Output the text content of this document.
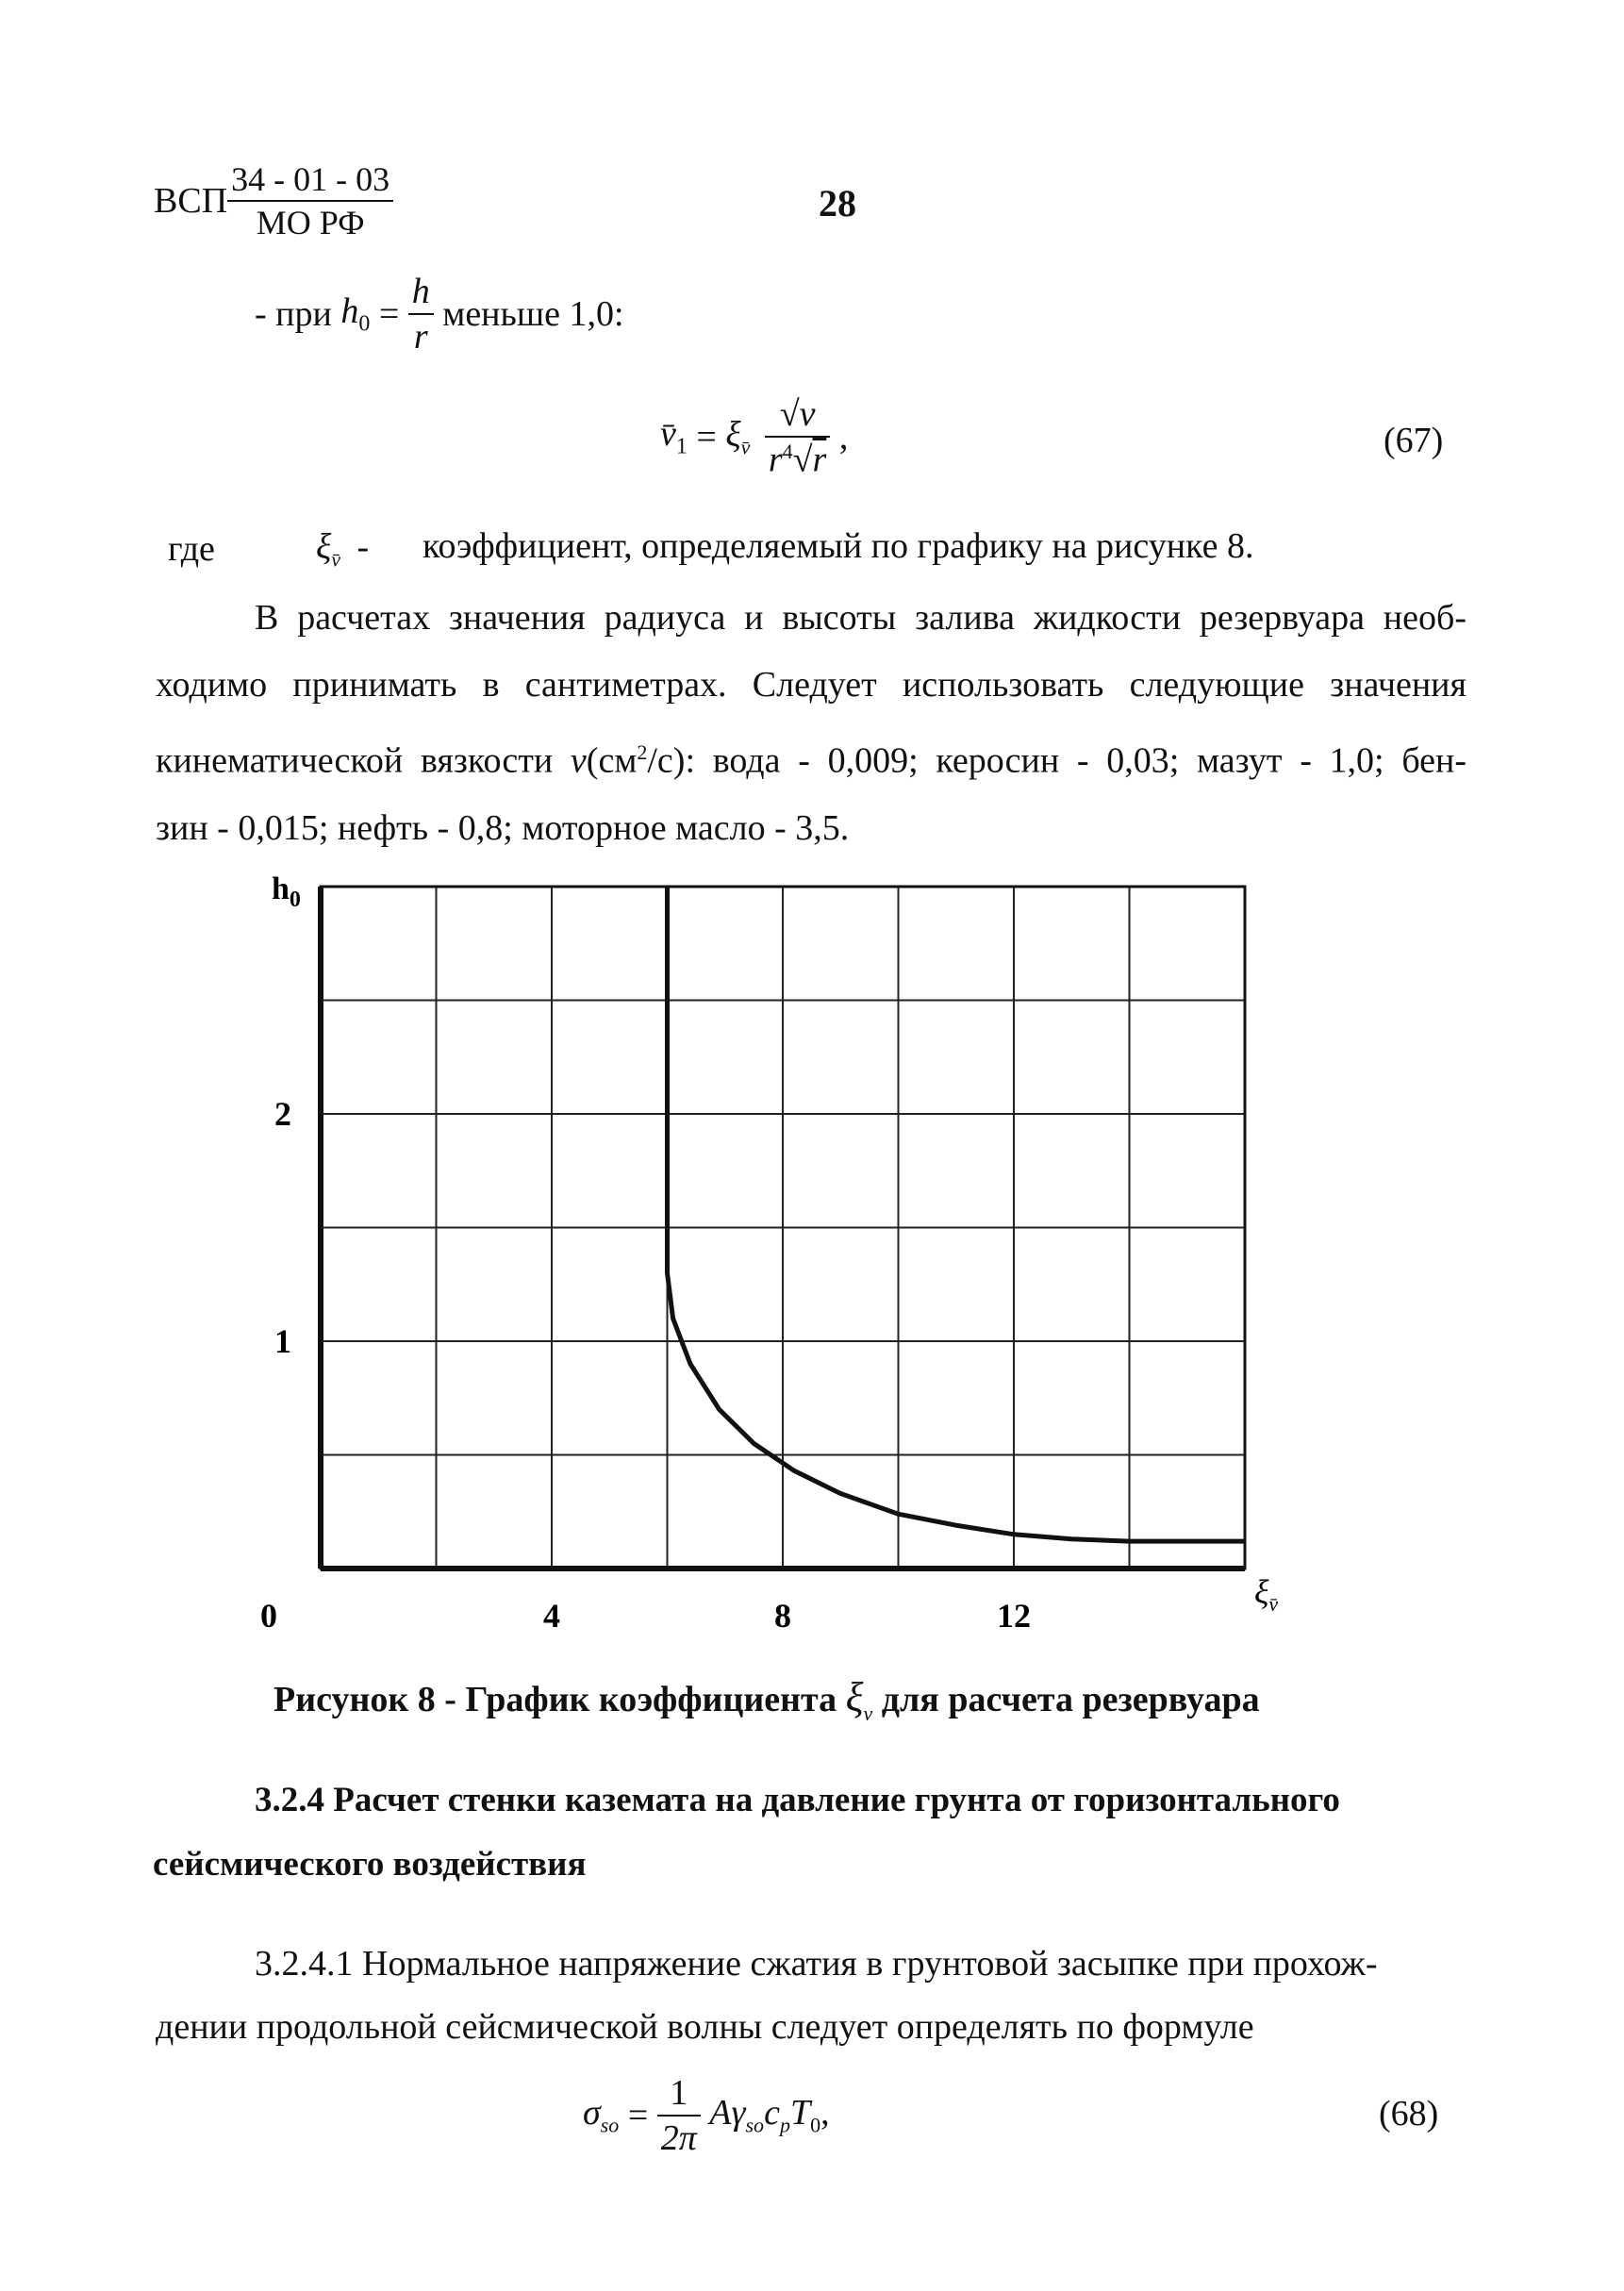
ВСП $\frac{34 - 01 - 03}{\text{МО РФ}}$	28
- при $h_0 = \frac{h}{r}$ меньше 1,0:
$v̄_1 = \xi_{v̄} \frac{√v}{r^4√r}$ ,	(67)
где	$\xi_{v̄}$ - коэффициент, определяемый по графику на рисунке 8.
В расчетах значения радиуса и высоты залива жидкости резервуара необ-
ходимо принимать в сантиметрах. Следует использовать следующие значения
кинематической вязкости $\nu(см^2/с)$: вода - 0,009; керосин - 0,03; мазут - 1,0; бен-
зин - 0,015; нефть - 0,8; моторное масло - 3,5.
0	4	8	12
1
2
$h_0$
$\xi_{v̄}$
Рисунок 8 - График коэффициента $\xi_\nu$ для расчета резервуара
3.2.4 Расчет стенки каземата на давление грунта от горизонтального
сейсмического воздействия
3.2.4.1 Нормальное напряжение сжатия в грунтовой засыпке при прохож-
дении продольной сейсмической волны следует определять по формуле
$\sigma_{so} = \frac{1}{2\pi} A\gamma_{so}c_pT_0$,	(68)
